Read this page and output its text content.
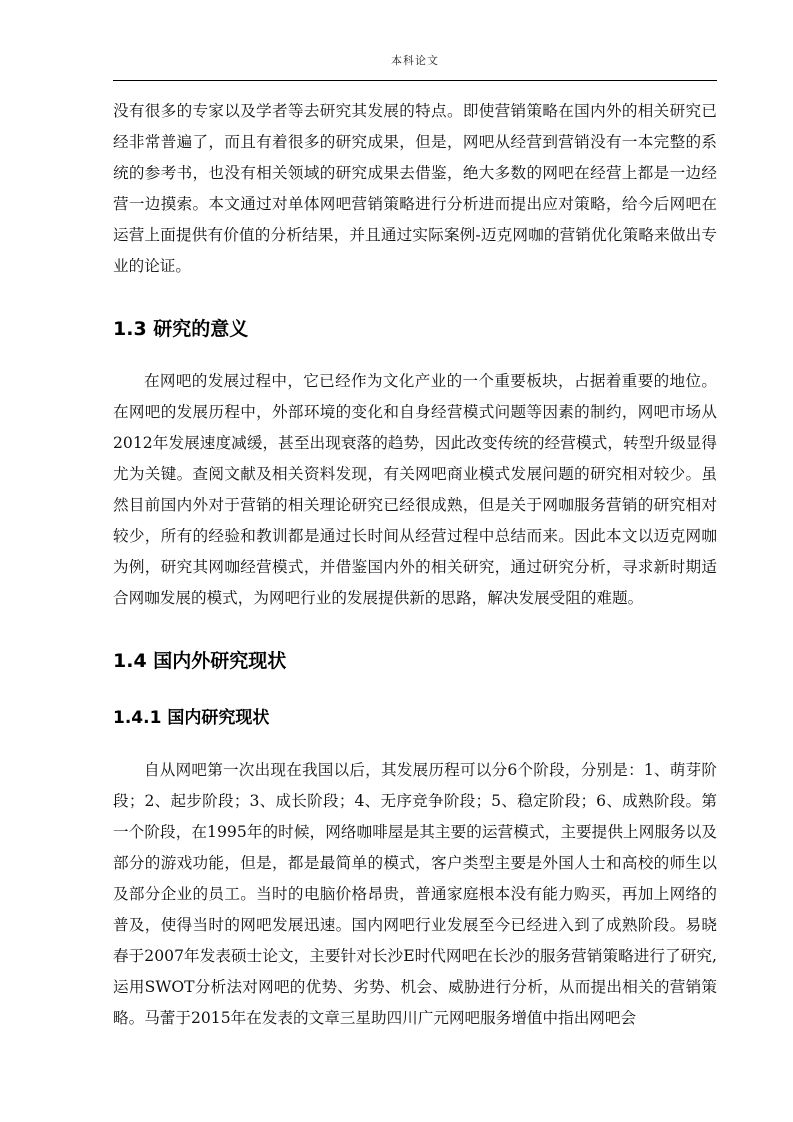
本科论文

没有很多的专家以及学者等去研究其发展的特点。即使营销策略在国内外的相关研究已经非常普遍了，而且有着很多的研究成果，但是，网吧从经营到营销没有一本完整的系统的参考书，也没有相关领域的研究成果去借鉴，绝大多数的网吧在经营上都是一边经营一边摸索。本文通过对单体网吧营销策略进行分析进而提出应对策略，给今后网吧在运营上面提供有价值的分析结果，并且通过实际案例-迈克网咖的营销优化策略来做出专业的论证。

1.3 研究的意义

在网吧的发展过程中，它已经作为文化产业的一个重要板块，占据着重要的地位。在网吧的发展历程中，外部环境的变化和自身经营模式问题等因素的制约，网吧市场从2012年发展速度减缓，甚至出现衰落的趋势，因此改变传统的经营模式，转型升级显得尤为关键。查阅文献及相关资料发现，有关网吧商业模式发展问题的研究相对较少。虽然目前国内外对于营销的相关理论研究已经很成熟，但是关于网咖服务营销的研究相对较少，所有的经验和教训都是通过长时间从经营过程中总结而来。因此本文以迈克网咖为例，研究其网咖经营模式，并借鉴国内外的相关研究，通过研究分析，寻求新时期适合网咖发展的模式，为网吧行业的发展提供新的思路，解决发展受阻的难题。

1.4 国内外研究现状
1.4.1 国内研究现状

自从网吧第一次出现在我国以后，其发展历程可以分6个阶段，分别是：1、萌芽阶段；2、起步阶段；3、成长阶段；4、无序竞争阶段；5、稳定阶段；6、成熟阶段。第一个阶段，在1995年的时候，网络咖啡屋是其主要的运营模式，主要提供上网服务以及部分的游戏功能，但是，都是最简单的模式，客户类型主要是外国人士和高校的师生以及部分企业的员工。当时的电脑价格昂贵，普通家庭根本没有能力购买，再加上网络的普及，使得当时的网吧发展迅速。国内网吧行业发展至今已经进入到了成熟阶段。易晓春于2007年发表硕士论文，主要针对长沙E时代网吧在长沙的服务营销策略进行了研究,运用SWOT分析法对网吧的优势、劣势、机会、威胁进行分析，从而提出相关的营销策略。马蕾于2015年在发表的文章三星助四川广元网吧服务增值中指出网吧会
